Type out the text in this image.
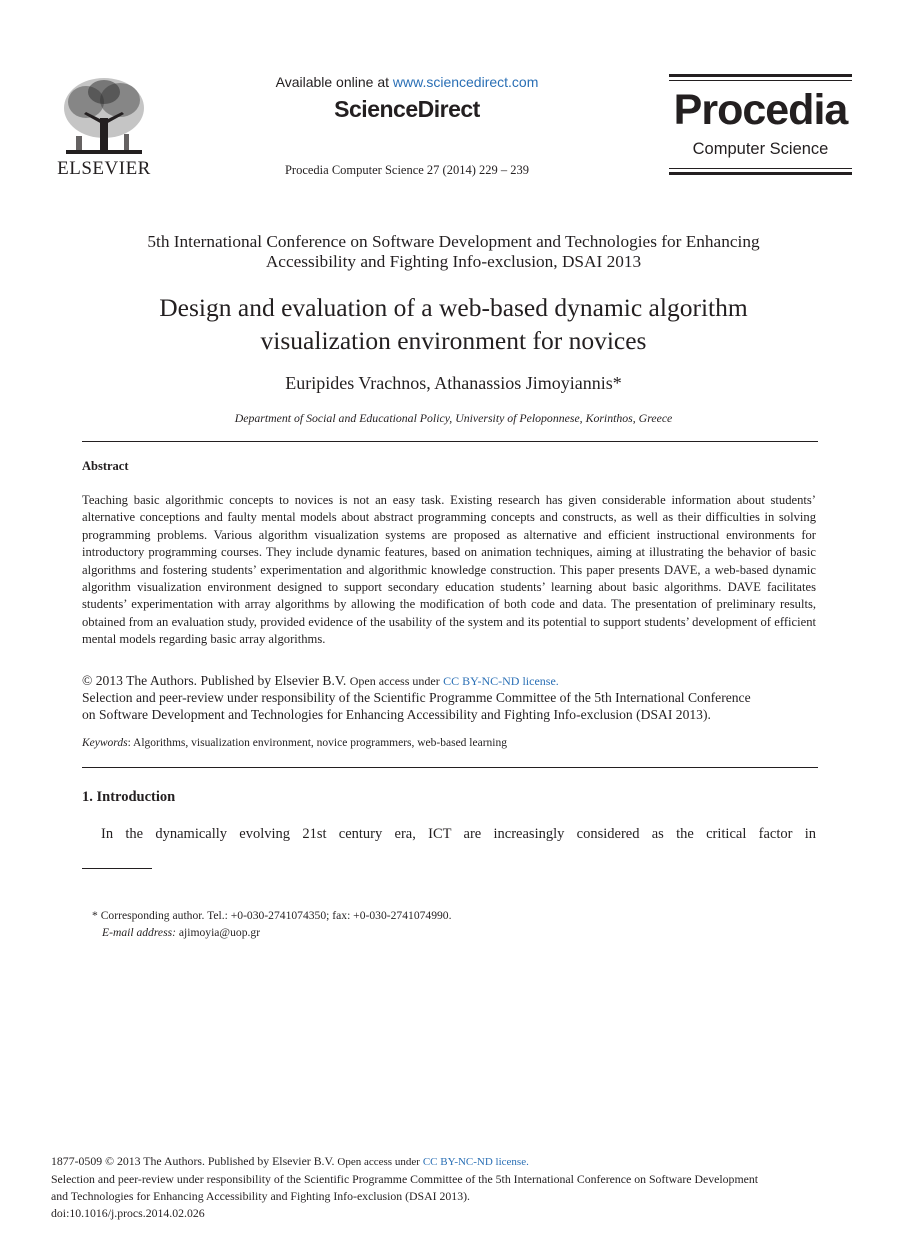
ELSEVIER
Available online at www.sciencedirect.com
ScienceDirect
Procedia Computer Science 27 (2014) 229 – 239
Procedia
Computer Science
5th International Conference on Software Development and Technologies for Enhancing
Accessibility and Fighting Info-exclusion, DSAI 2013
Design and evaluation of a web-based dynamic algorithm
visualization environment for novices
Euripides Vrachnos, Athanassios Jimoyiannis*
Department of Social and Educational Policy, University of Peloponnese, Korinthos, Greece
Abstract

Teaching basic algorithmic concepts to novices is not an easy task. Existing research has given considerable information about students’ alternative conceptions and faulty mental models about abstract programming concepts and constructs, as well as their difficulties in solving programming problems. Various algorithm visualization systems are proposed as alternative and efficient instructional environments for introductory programming courses. They include dynamic features, based on animation techniques, aiming at illustrating the behavior of basic algorithms and fostering students’ experimentation and algorithmic knowledge construction. This paper presents DAVE, a web-based dynamic algorithm visualization environment designed to support secondary education students’ learning about basic algorithms. DAVE facilitates students’ experimentation with array algorithms by allowing the modification of both code and data. The presentation of preliminary results, obtained from an evaluation study, provided evidence of the usability of the system and its potential to support students’ development of efficient mental models regarding basic array algorithms.

© 2013 The Authors. Published by Elsevier B.V. Open access under CC BY-NC-ND license.
Selection and peer-review under responsibility of the Scientific Programme Committee of the 5th International Conference
on Software Development and Technologies for Enhancing Accessibility and Fighting Info-exclusion (DSAI 2013).
Keywords: Algorithms, visualization environment, novice programmers, web-based learning
1. Introduction

In the dynamically evolving 21st century era, ICT are increasingly considered as the critical factor in

* Corresponding author. Tel.: +0-030-2741074350; fax: +0-030-2741074990.
E-mail address: ajimoyia@uop.gr
1877-0509 © 2013 The Authors. Published by Elsevier B.V. Open access under CC BY-NC-ND license.
Selection and peer-review under responsibility of the Scientific Programme Committee of the 5th International Conference on Software Development
and Technologies for Enhancing Accessibility and Fighting Info-exclusion (DSAI 2013).
doi:10.1016/j.procs.2014.02.026
